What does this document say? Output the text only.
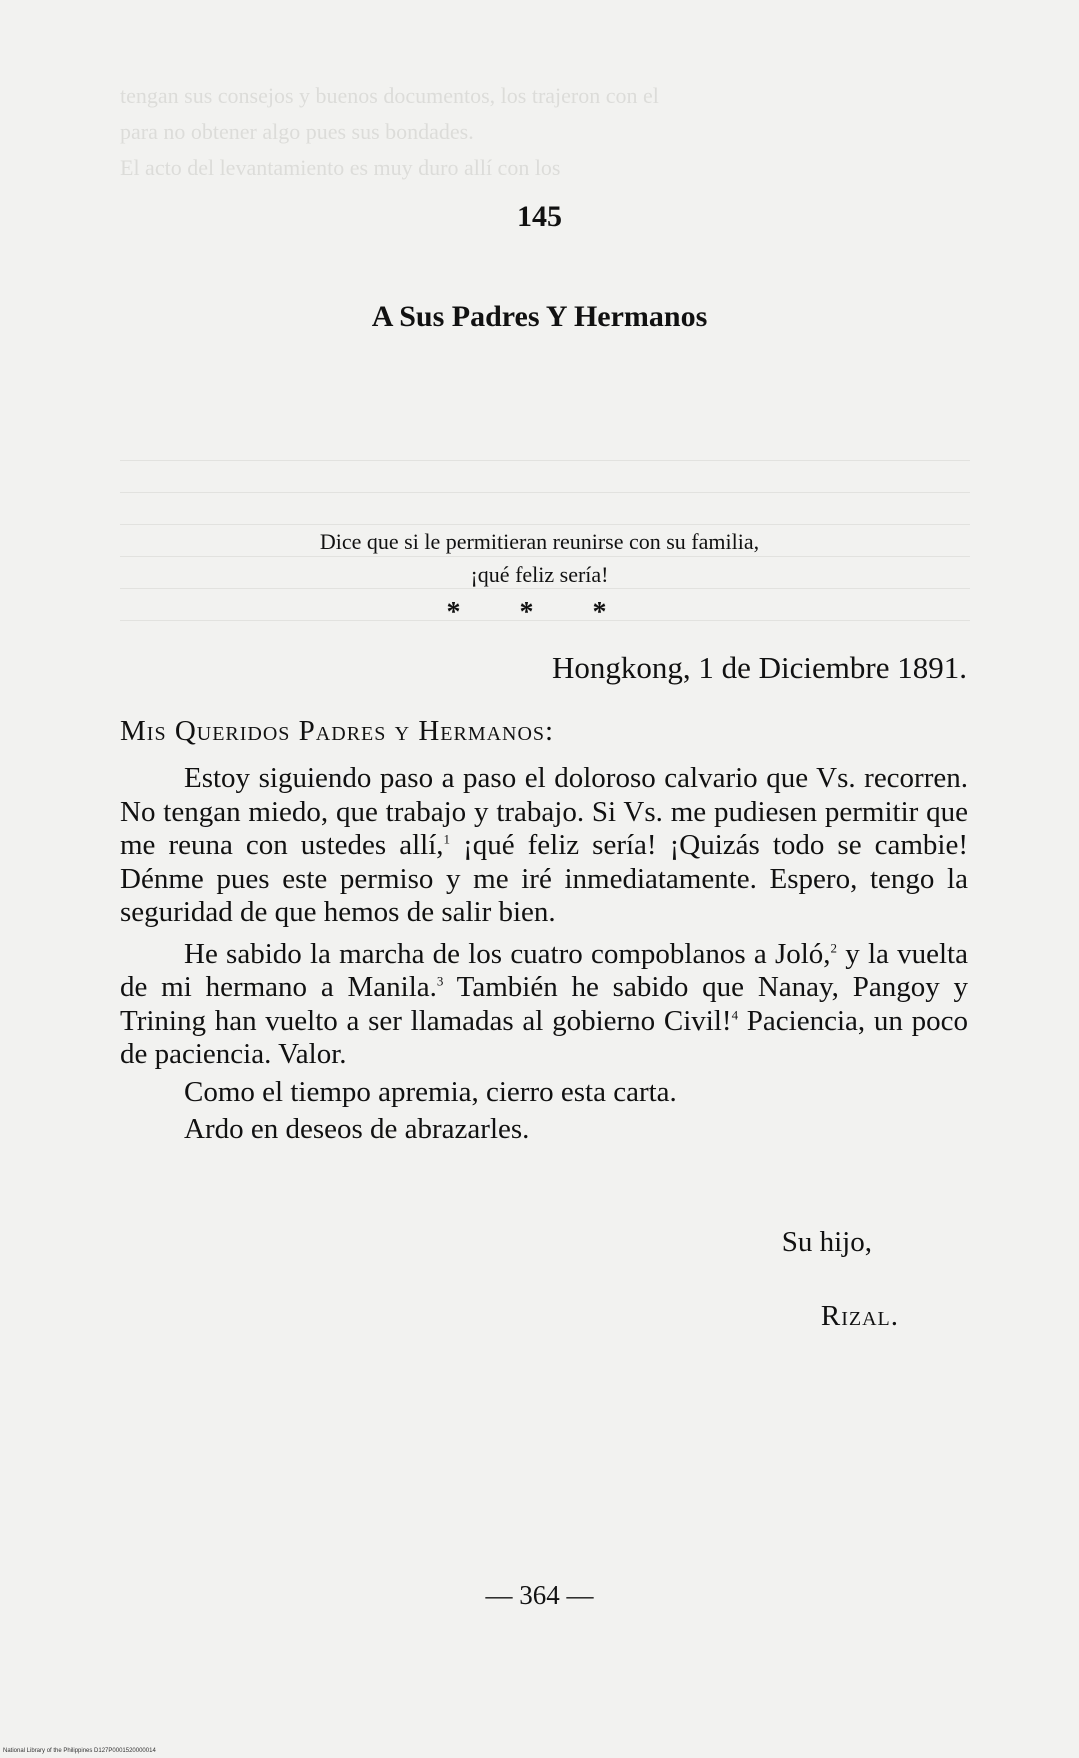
tengan sus consejos y buenos documentos, los trajeron con el

para no obtener algo pues sus bondades.

El acto del levantamiento es muy duro allí con los

145
A Sus Padres Y Hermanos
Dice que si le permitieran reunirse con su familia,
¡qué feliz sería!
* * *
Hongkong, 1 de Diciembre 1891.
Mis Queridos Padres y Hermanos:

Estoy siguiendo paso a paso el doloroso calvario que Vs. recorren. No tengan miedo, que trabajo y trabajo. Si Vs. me pudiesen permitir que me reuna con ustedes allí,$^1$ ¡qué feliz sería! ¡Quizás todo se cambie! Dénme pues este permiso y me iré inmediatamente. Espero, tengo la seguridad de que hemos de salir bien.

He sabido la marcha de los cuatro compoblanos a Joló,$^2$ y la vuelta de mi hermano a Manila.$^3$ También he sabido que Nanay, Pangoy y Trining han vuelto a ser llamadas al gobierno Civil!$^4$ Paciencia, un poco de paciencia. Valor.

Como el tiempo apremia, cierro esta carta.

Ardo en deseos de abrazarles.

Su hijo,
Rizal.
— 364 —
National Library of the Philippines D127P0001520000014
